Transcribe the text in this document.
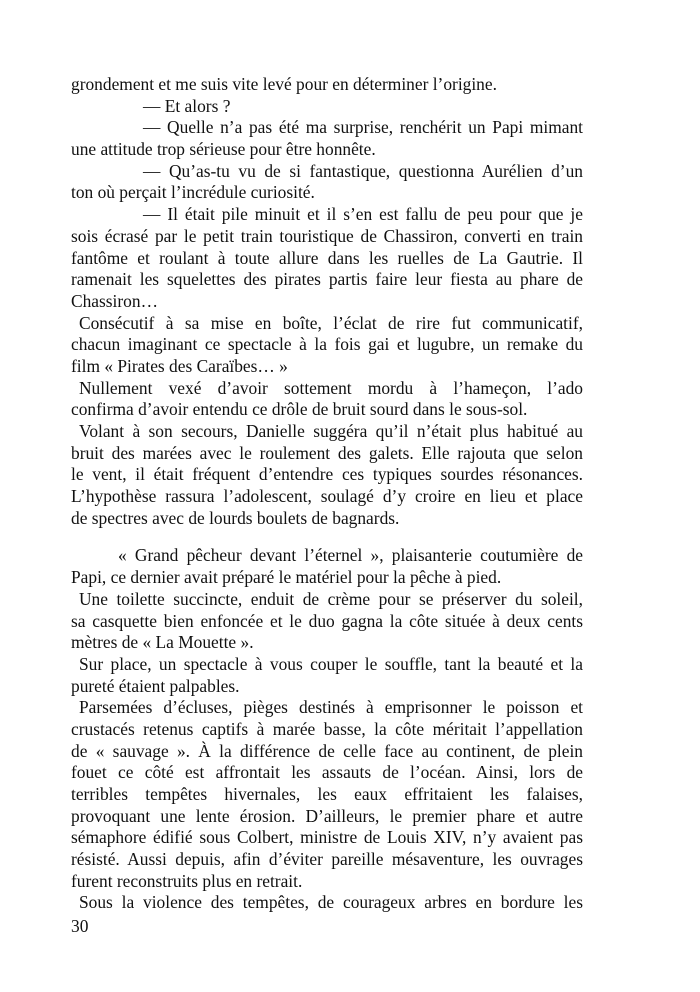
grondement et me suis vite levé pour en déterminer l’origine.
— Et alors ?
— Quelle n’a pas été ma surprise, renchérit un Papi mimant
une attitude trop sérieuse pour être honnête.
— Qu’as-tu vu de si fantastique, questionna Aurélien d’un
ton où perçait l’incrédule curiosité.
— Il était pile minuit et il s’en est fallu de peu pour que je
sois écrasé par le petit train touristique de Chassiron, converti en train
fantôme et roulant à toute allure dans les ruelles de La Gautrie. Il
ramenait les squelettes des pirates partis faire leur fiesta au phare de
Chassiron…
Consécutif à sa mise en boîte, l’éclat de rire fut communicatif,
chacun imaginant ce spectacle à la fois gai et lugubre, un remake du
film « Pirates des Caraïbes… »
Nullement vexé d’avoir sottement mordu à l’hameçon, l’ado
confirma d’avoir entendu ce drôle de bruit sourd dans le sous-sol.
Volant à son secours, Danielle suggéra qu’il n’était plus habitué au
bruit des marées avec le roulement des galets. Elle rajouta que selon
le vent, il était fréquent d’entendre ces typiques sourdes résonances.
L’hypothèse rassura l’adolescent, soulagé d’y croire en lieu et place
de spectres avec de lourds boulets de bagnards.
« Grand pêcheur devant l’éternel », plaisanterie coutumière de
Papi, ce dernier avait préparé le matériel pour la pêche à pied.
Une toilette succincte, enduit de crème pour se préserver du soleil,
sa casquette bien enfoncée et le duo gagna la côte située à deux cents
mètres de « La Mouette ».
Sur place, un spectacle à vous couper le souffle, tant la beauté et la
pureté étaient palpables.
Parsemées d’écluses, pièges destinés à emprisonner le poisson et
crustacés retenus captifs à marée basse, la côte méritait l’appellation
de « sauvage ». À la différence de celle face au continent, de plein
fouet ce côté est affrontait les assauts de l’océan. Ainsi, lors de
terribles tempêtes hivernales, les eaux effritaient les falaises,
provoquant une lente érosion. D’ailleurs, le premier phare et autre
sémaphore édifié sous Colbert, ministre de Louis XIV, n’y avaient pas
résisté. Aussi depuis, afin d’éviter pareille mésaventure, les ouvrages
furent reconstruits plus en retrait.
Sous la violence des tempêtes, de courageux arbres en bordure les
30
